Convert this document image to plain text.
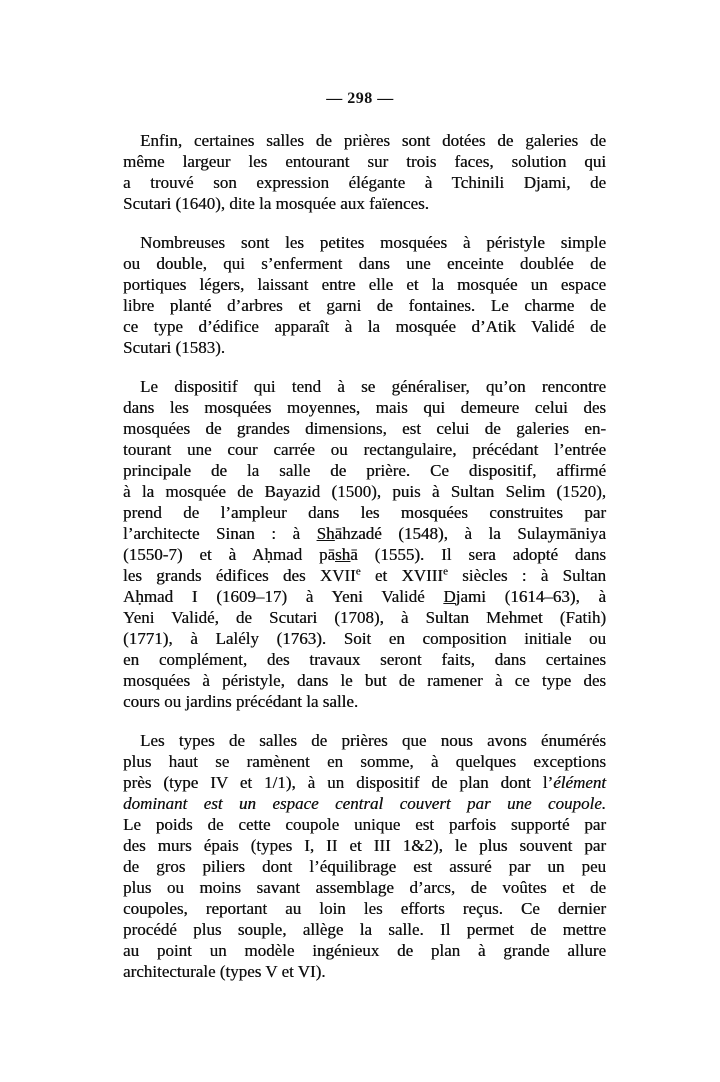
— 298 —
Enfin, certaines salles de prières sont dotées de galeries de
même largeur les entourant sur trois faces, solution qui
a trouvé son expression élégante à Tchinili Djami, de
Scutari (1640), dite la mosquée aux faïences.
Nombreuses sont les petites mosquées à péristyle simple
ou double, qui s’enferment dans une enceinte doublée de
portiques légers, laissant entre elle et la mosquée un espace
libre planté d’arbres et garni de fontaines. Le charme de
ce type d’édifice apparaît à la mosquée d’Atik Validé de
Scutari (1583).
Le dispositif qui tend à se généraliser, qu’on rencontre
dans les mosquées moyennes, mais qui demeure celui des
mosquées de grandes dimensions, est celui de galeries en-
tourant une cour carrée ou rectangulaire, précédant l’entrée
principale de la salle de prière. Ce dispositif, affirmé
à la mosquée de Bayazid (1500), puis à Sultan Selim (1520),
prend de l’ampleur dans les mosquées construites par
l’architecte Sinan : à Shāhzadé (1548), à la Sulaymāniya
(1550-7) et à Aḥmad pāshā (1555). Il sera adopté dans
les grands édifices des XVIIe et XVIIIe siècles : à Sultan
Aḥmad I (1609–17) à Yeni Validé Djami (1614–63), à
Yeni Validé, de Scutari (1708), à Sultan Mehmet (Fatih)
(1771), à Lalély (1763). Soit en composition initiale ou
en complément, des travaux seront faits, dans certaines
mosquées à péristyle, dans le but de ramener à ce type des
cours ou jardins précédant la salle.
Les types de salles de prières que nous avons énumérés
plus haut se ramènent en somme, à quelques exceptions
près (type IV et 1/1), à un dispositif de plan dont l’élément
dominant est un espace central couvert par une coupole.
Le poids de cette coupole unique est parfois supporté par
des murs épais (types I, II et III 1&2), le plus souvent par
de gros piliers dont l’équilibrage est assuré par un peu
plus ou moins savant assemblage d’arcs, de voûtes et de
coupoles, reportant au loin les efforts reçus. Ce dernier
procédé plus souple, allège la salle. Il permet de mettre
au point un modèle ingénieux de plan à grande allure
architecturale (types V et VI).
